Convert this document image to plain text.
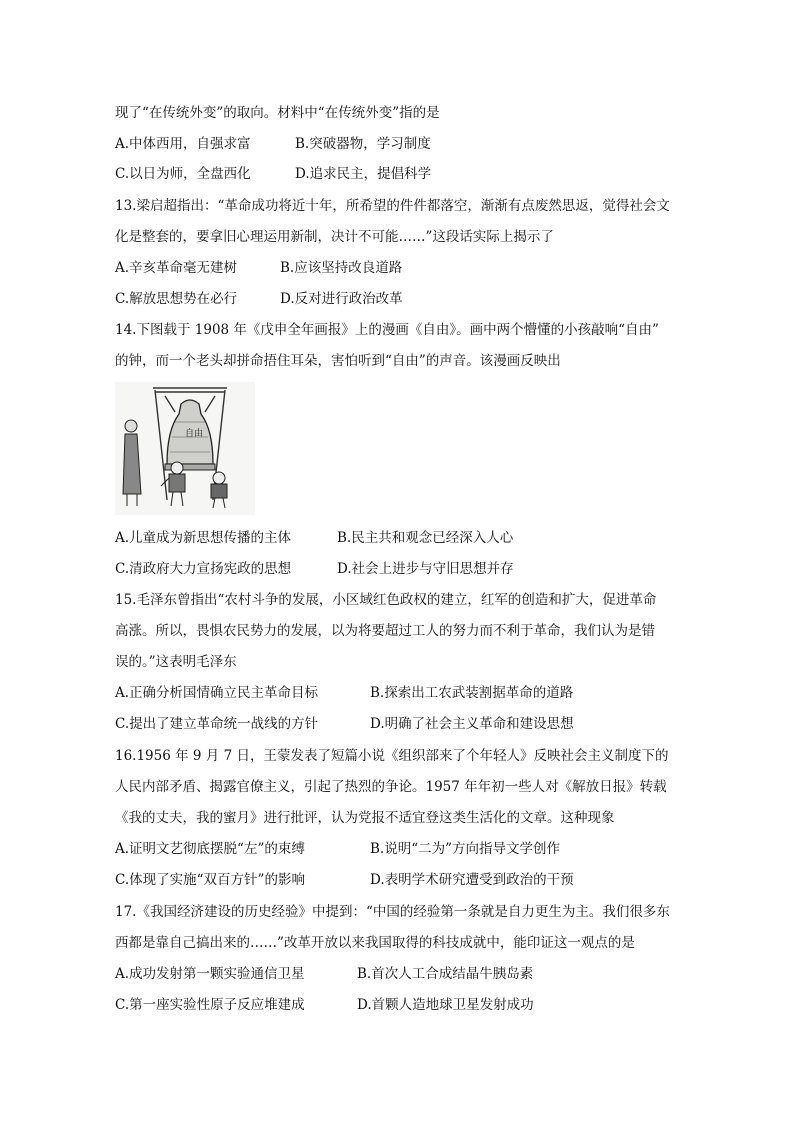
现了“在传统外变”的取向。材料中“在传统外变”指的是
A.中体西用，自强求富	B.突破器物，学习制度
C.以日为师，全盘西化	D.追求民主，提倡科学
13.梁启超指出：“革命成功将近十年，所希望的件件都落空，渐渐有点废然思返，觉得社会文
化是整套的，要拿旧心理运用新制，决计不可能……”这段话实际上揭示了
A.辛亥革命毫无建树	B.应该坚持改良道路
C.解放思想势在必行	D.反对进行政治改革
14.下图载于 1908 年《戊申全年画报》上的漫画《自由》。画中两个懵懂的小孩敲响“自由”
的钟，而一个老头却拼命捂住耳朵，害怕听到“自由”的声音。该漫画反映出
自由
A.儿童成为新思想传播的主体	B.民主共和观念已经深入人心
C.清政府大力宣扬宪政的思想	D.社会上进步与守旧思想并存
15.毛泽东曾指出“农村斗争的发展，小区域红色政权的建立，红军的创造和扩大，促进革命
高涨。所以，畏惧农民势力的发展，以为将要超过工人的努力而不利于革命，我们认为是错
误的。”这表明毛泽东
A.正确分析国情确立民主革命目标	B.探索出工农武装割据革命的道路
C.提出了建立革命统一战线的方针	D.明确了社会主义革命和建设思想
16.1956 年 9 月 7 日，王蒙发表了短篇小说《组织部来了个年轻人》反映社会主义制度下的
人民内部矛盾、揭露官僚主义，引起了热烈的争论。1957 年年初一些人对《解放日报》转载
《我的丈夫，我的蜜月》进行批评，认为党报不适宜登这类生活化的文章。这种现象
A.证明文艺彻底摆脱“左”的束缚	B.说明“二为”方向指导文学创作
C.体现了实施“双百方针”的影响	D.表明学术研究遭受到政治的干预
17.《我国经济建设的历史经验》中提到：“中国的经验第一条就是自力更生为主。我们很多东
西都是靠自己搞出来的……”改革开放以来我国取得的科技成就中，能印证这一观点的是
A.成功发射第一颗实验通信卫星	B.首次人工合成结晶牛胰岛素
C.第一座实验性原子反应堆建成	D.首颗人造地球卫星发射成功
